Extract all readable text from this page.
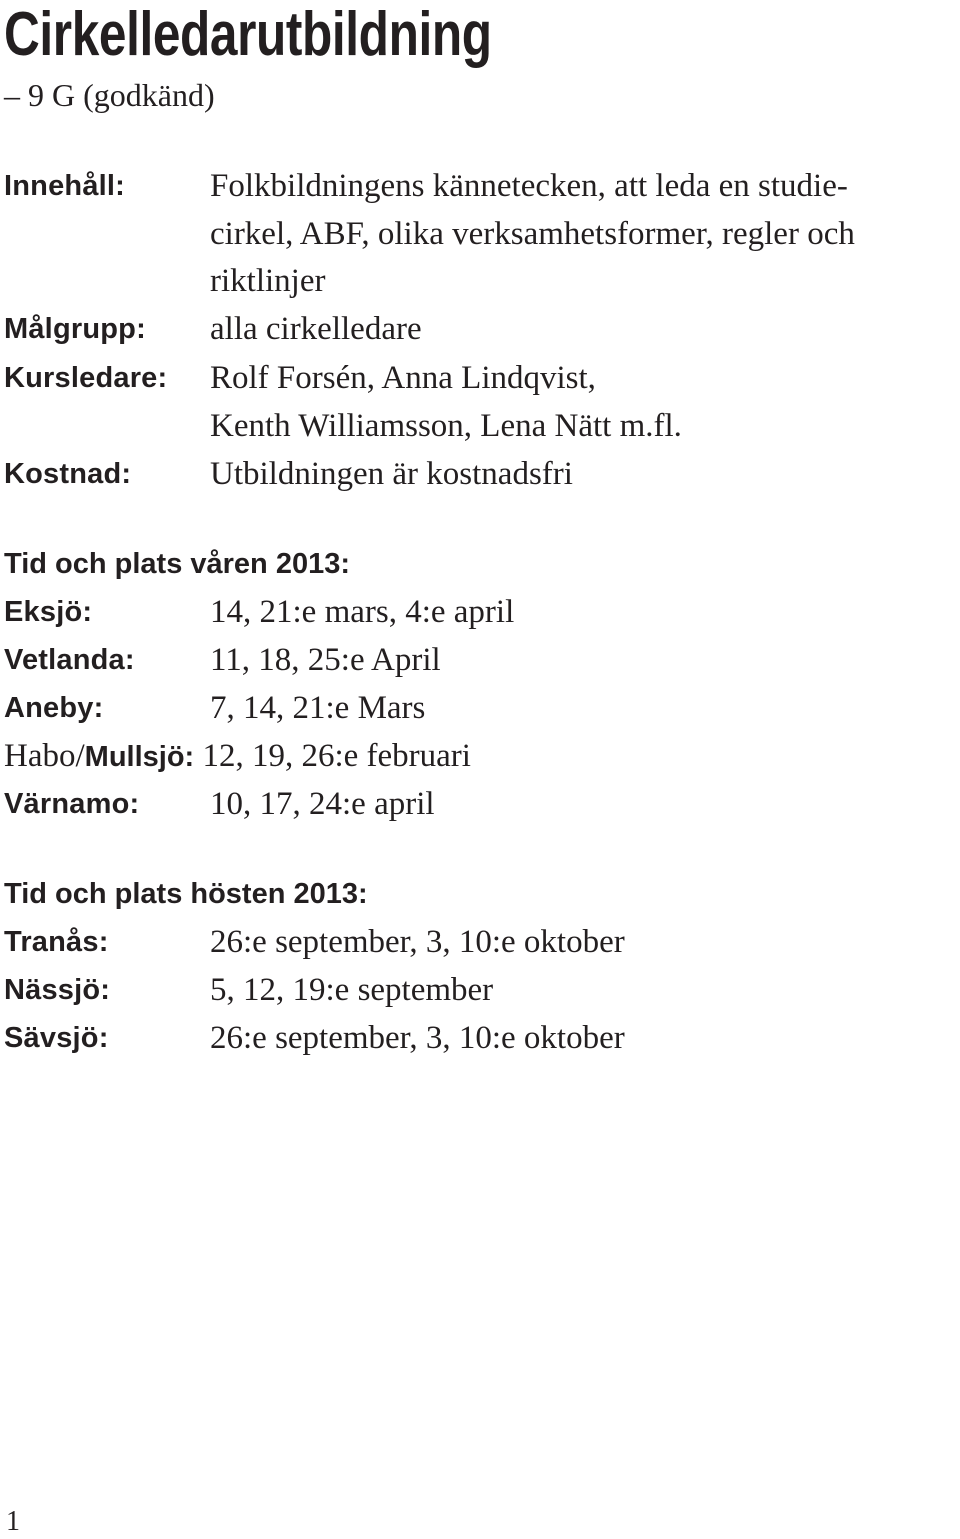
Cirkelledarutbildning
– 9 G (godkänd)
Innehåll:	Folkbildningens kännetecken, att leda en studie-
cirkel, ABF, olika verksamhetsformer, regler och
riktlinjer
Målgrupp: alla cirkelledare
Kursledare: Rolf Forsén, Anna Lindqvist,
Kenth Williamsson, Lena Nätt m.fl.
Kostnad: Utbildningen är kostnadsfri
Tid och plats våren 2013:
Eksjö:	14, 21:e mars, 4:e april
Vetlanda: 11, 18, 25:e April
Aneby:	7, 14, 21:e Mars
Habo/Mullsjö: 12, 19, 26:e februari
Värnamo: 10, 17, 24:e april
Tid och plats hösten 2013:
Tranås:	26:e september, 3, 10:e oktober
Nässjö:	5, 12, 19:e september
Sävsjö:	26:e september, 3, 10:e oktober
1
